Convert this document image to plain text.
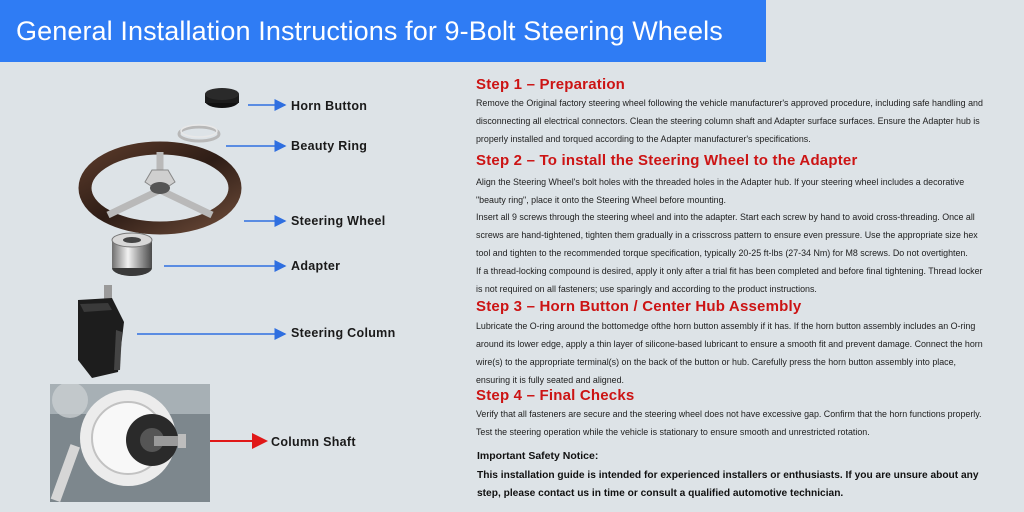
General Installation Instructions for 9-Bolt Steering Wheels
Horn Button
Beauty Ring
Steering Wheel
Adapter
Steering Column
Column Shaft
Step 1 – Preparation
Remove the Original factory steering wheel following the vehicle manufacturer's approved procedure, including safe handling and disconnecting all electrical connectors. Clean the steering column shaft and Adapter surface surfaces. Ensure the Adapter hub is properly installed and torqued according to the Adapter manufacturer's specifications.
Step 2 – To install the Steering Wheel to the Adapter
Align the Steering Wheel's bolt holes with the threaded holes in the Adapter hub. If your steering wheel includes a decorative "beauty ring", place it onto the Steering Wheel before mounting.
Insert all 9 screws through the steering wheel and into the adapter. Start each screw by hand to avoid cross-threading. Once all screws are hand-tightened, tighten them gradually in a crisscross pattern to ensure even pressure. Use the appropriate size hex tool and tighten to the recommended torque specification, typically 20-25 ft-lbs (27-34 Nm) for M8 screws. Do not overtighten.
If a thread-locking compound is desired, apply it only after a trial fit has been completed and before final tightening. Thread locker is not required on all fasteners; use sparingly and according to the product instructions.
Step 3 – Horn Button / Center Hub Assembly
Lubricate the O-ring around the bottomedge ofthe horn button assembly if it has. If the horn button assembly includes an O-ring around its lower edge, apply a thin layer of silicone-based lubricant to ensure a smooth fit and prevent damage. Connect the horn wire(s) to the appropriate terminal(s) on the back of the button or hub. Carefully press the horn button assembly into place, ensuring it is fully seated and aligned.
Step 4 – Final Checks
Verify that all fasteners are secure and the steering wheel does not have excessive gap. Confirm that the horn functions properly. Test the steering operation while the vehicle is stationary to ensure smooth and unrestricted rotation.
Important Safety Notice:
This installation guide is intended for experienced installers or enthusiasts. If you are unsure about any step, please contact us in time or consult a qualified automotive technician.
